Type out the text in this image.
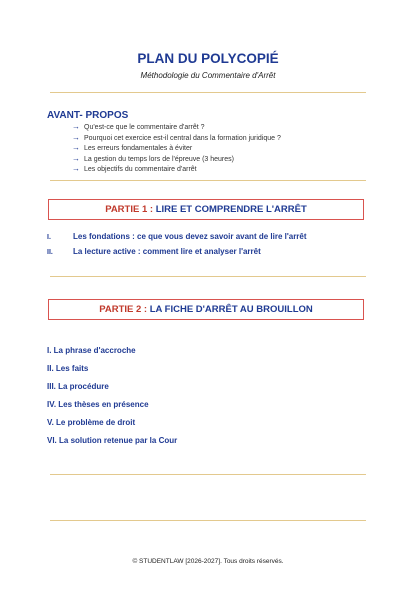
PLAN DU POLYCOPIÉ
Méthodologie du Commentaire d'Arrêt
AVANT- PROPOS
→ Qu'est-ce que le commentaire d'arrêt ?
→ Pourquoi cet exercice est-il central dans la formation juridique ?
→ Les erreurs fondamentales à éviter
→ La gestion du temps lors de l'épreuve (3 heures)
→ Les objectifs du commentaire d'arrêt
PARTIE 1 : LIRE ET COMPRENDRE L'ARRÊT
I.	Les fondations : ce que vous devez savoir avant de lire l'arrêt
II.	La lecture active : comment lire et analyser l'arrêt
PARTIE 2 : LA FICHE D'ARRÊT AU BROUILLON
I. La phrase d'accroche
II. Les faits
III. La procédure
IV. Les thèses en présence
V. Le problème de droit
VI. La solution retenue par la Cour
© STUDENTLAW [2026-2027]. Tous droits réservés.
